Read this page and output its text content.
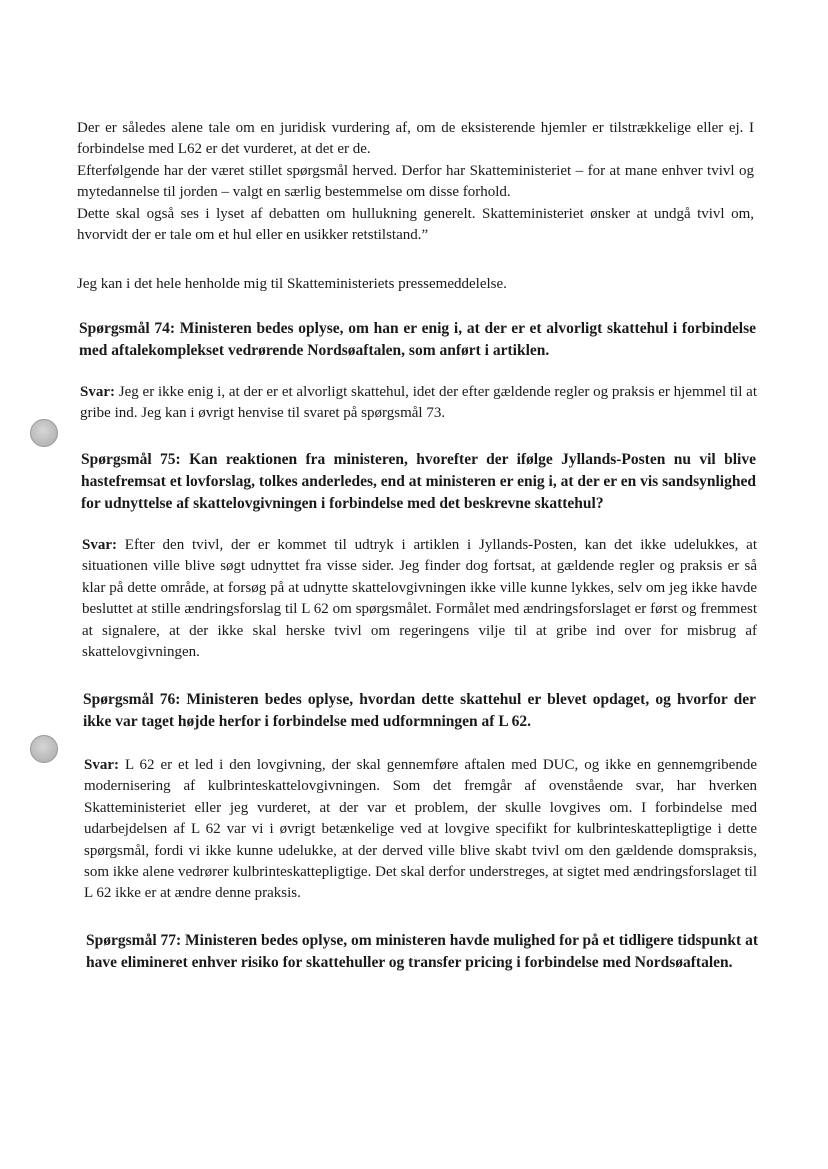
Der er således alene tale om en juridisk vurdering af, om de eksisterende hjemler er tilstrækkelige eller ej. I forbindelse med L62 er det vurderet, at det er de.

Efterfølgende har der været stillet spørgsmål herved. Derfor har Skatteministeriet – for at mane enhver tvivl og mytedannelse til jorden – valgt en særlig bestemmelse om disse forhold.

Dette skal også ses i lyset af debatten om hullukning generelt. Skatteministeriet ønsker at undgå tvivl om, hvorvidt der er tale om et hul eller en usikker retstilstand.”

Jeg kan i det hele henholde mig til Skatteministeriets pressemeddelelse.

Spørgsmål 74: Ministeren bedes oplyse, om han er enig i, at der er et alvorligt skattehul i forbindelse med aftalekomplekset vedrørende Nordsøaftalen, som anført i artiklen.

Svar: Jeg er ikke enig i, at der er et alvorligt skattehul, idet der efter gældende regler og praksis er hjemmel til at gribe ind. Jeg kan i øvrigt henvise til svaret på spørgsmål 73.

Spørgsmål 75: Kan reaktionen fra ministeren, hvorefter der ifølge Jyllands-Posten nu vil blive hastefremsat et lovforslag, tolkes anderledes, end at ministeren er enig i, at der er en vis sandsynlighed for udnyttelse af skattelovgivningen i forbindelse med det beskrevne skattehul?

Svar: Efter den tvivl, der er kommet til udtryk i artiklen i Jyllands-Posten, kan det ikke udelukkes, at situationen ville blive søgt udnyttet fra visse sider. Jeg finder dog fortsat, at gældende regler og praksis er så klar på dette område, at forsøg på at udnytte skattelovgivningen ikke ville kunne lykkes, selv om jeg ikke havde besluttet at stille ændringsforslag til L 62 om spørgsmålet. Formålet med ændringsforslaget er først og fremmest at signalere, at der ikke skal herske tvivl om regeringens vilje til at gribe ind over for misbrug af skattelovgivningen.

Spørgsmål 76: Ministeren bedes oplyse, hvordan dette skattehul er blevet opdaget, og hvorfor der ikke var taget højde herfor i forbindelse med udformningen af L 62.

Svar: L 62 er et led i den lovgivning, der skal gennemføre aftalen med DUC, og ikke en gennemgribende modernisering af kulbrinteskattelovgivningen. Som det fremgår af ovenstående svar, har hverken Skatteministeriet eller jeg vurderet, at der var et problem, der skulle lovgives om. I forbindelse med udarbejdelsen af L 62 var vi i øvrigt betænkelige ved at lovgive specifikt for kulbrinteskattepligtige i dette spørgsmål, fordi vi ikke kunne udelukke, at der derved ville blive skabt tvivl om den gældende domspraksis, som ikke alene vedrører kulbrinteskattepligtige. Det skal derfor understreges, at sigtet med ændringsforslaget til L 62 ikke er at ændre denne praksis.

Spørgsmål 77: Ministeren bedes oplyse, om ministeren havde mulighed for på et tidligere tidspunkt at have elimineret enhver risiko for skattehuller og transfer pricing i forbindelse med Nordsøaftalen.
